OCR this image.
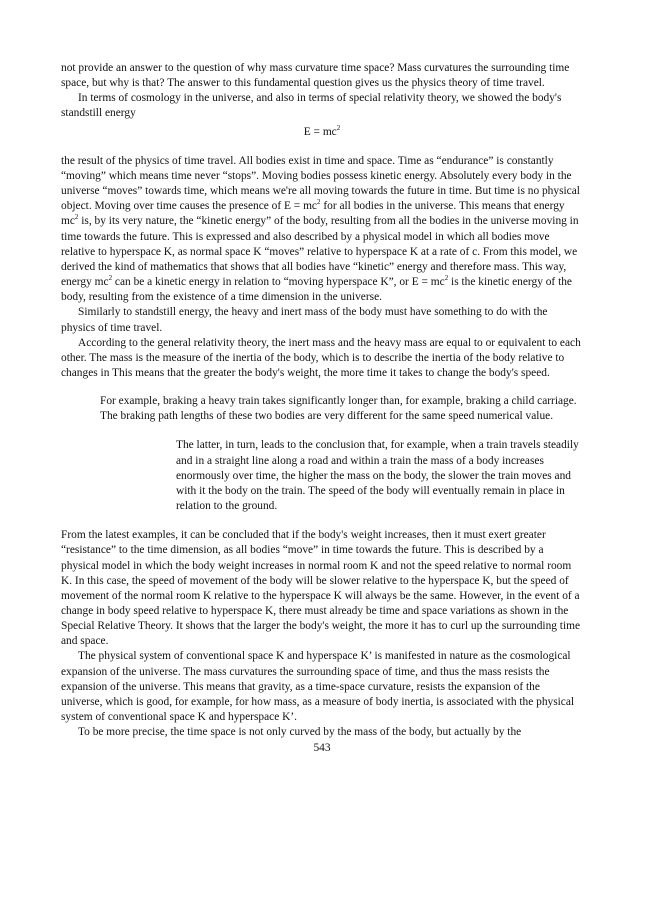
not provide an answer to the question of why mass curvature time space? Mass curvatures the surrounding time space, but why is that? The answer to this fundamental question gives us the physics theory of time travel.

In terms of cosmology in the universe, and also in terms of special relativity theory, we showed the body's standstill energy

$E = mc^2$

the result of the physics of time travel. All bodies exist in time and space. Time as “endurance” is constantly “moving” which means time never “stops”. Moving bodies possess kinetic energy. Absolutely every body in the universe “moves” towards time, which means we're all moving towards the future in time. But time is no physical object. Moving over time causes the presence of $E = mc^2$ for all bodies in the universe. This means that energy $mc^2$ is, by its very nature, the “kinetic energy” of the body, resulting from all the bodies in the universe moving in time towards the future. This is expressed and also described by a physical model in which all bodies move relative to hyperspace K, as normal space K “moves” relative to hyperspace K at a rate of c. From this model, we derived the kind of mathematics that shows that all bodies have “kinetic” energy and therefore mass. This way, energy $mc^2$ can be a kinetic energy in relation to “moving hyperspace K”, or $E = mc^2$ is the kinetic energy of the body, resulting from the existence of a time dimension in the universe.

Similarly to standstill energy, the heavy and inert mass of the body must have something to do with the physics of time travel.

According to the general relativity theory, the inert mass and the heavy mass are equal to or equivalent to each other. The mass is the measure of the inertia of the body, which is to describe the inertia of the body relative to changes in This means that the greater the body's weight, the more time it takes to change the body's speed.

For example, braking a heavy train takes significantly longer than, for example, braking a child carriage. The braking path lengths of these two bodies are very different for the same speed numerical value.

The latter, in turn, leads to the conclusion that, for example, when a train travels steadily and in a straight line along a road and within a train the mass of a body increases enormously over time, the higher the mass on the body, the slower the train moves and with it the body on the train. The speed of the body will eventually remain in place in relation to the ground.

From the latest examples, it can be concluded that if the body's weight increases, then it must exert greater “resistance” to the time dimension, as all bodies “move” in time towards the future. This is described by a physical model in which the body weight increases in normal room K and not the speed relative to normal room K. In this case, the speed of movement of the body will be slower relative to the hyperspace K, but the speed of movement of the normal room K relative to the hyperspace K will always be the same. However, in the event of a change in body speed relative to hyperspace K, there must already be time and space variations as shown in the Special Relative Theory. It shows that the larger the body's weight, the more it has to curl up the surrounding time and space.

The physical system of conventional space K and hyperspace K’ is manifested in nature as the cosmological expansion of the universe. The mass curvatures the surrounding space of time, and thus the mass resists the expansion of the universe. This means that gravity, as a time-space curvature, resists the expansion of the universe, which is good, for example, for how mass, as a measure of body inertia, is associated with the physical system of conventional space K and hyperspace K’.

To be more precise, the time space is not only curved by the mass of the body, but actually by the

543
